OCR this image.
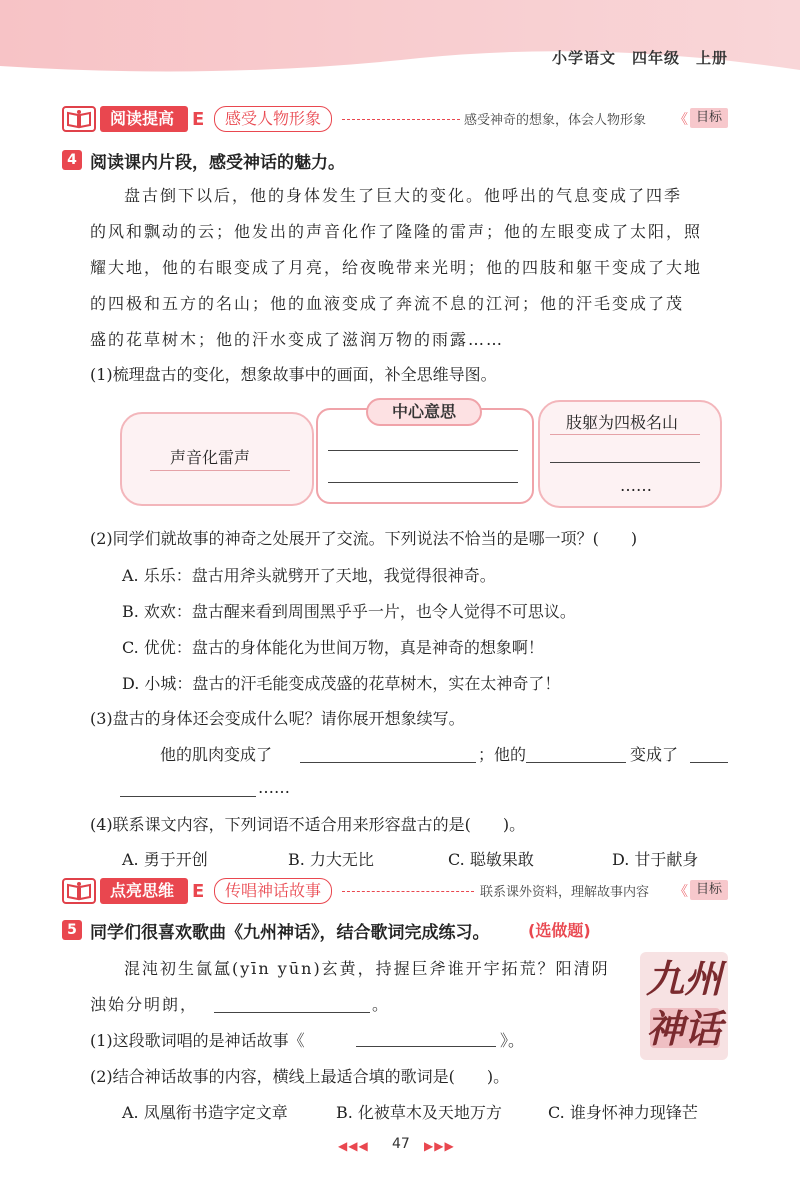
小学语文　四年级　上册
阅读提高 Ε	感受人物形象	感受神奇的想象，体会人物形象 《 目标
4 阅读课内片段，感受神话的魅力。
盘古倒下以后，他的身体发生了巨大的变化。他呼出的气息变成了四季
的风和飘动的云；他发出的声音化作了隆隆的雷声；他的左眼变成了太阳，照
耀大地，他的右眼变成了月亮，给夜晚带来光明；他的四肢和躯干变成了大地
的四极和五方的名山；他的血液变成了奔流不息的江河；他的汗毛变成了茂
盛的花草树木；他的汗水变成了滋润万物的雨露……
(1)梳理盘古的变化，想象故事中的画面，补全思维导图。
中心意思
声音化雷声
肢躯为四极名山
……
(2)同学们就故事的神奇之处展开了交流。下列说法不恰当的是哪一项？(　　)
A. 乐乐：盘古用斧头就劈开了天地，我觉得很神奇。
B. 欢欢：盘古醒来看到周围黑乎乎一片，也令人觉得不可思议。
C. 优优：盘古的身体能化为世间万物，真是神奇的想象啊！
D. 小城：盘古的汗毛能变成茂盛的花草树木，实在太神奇了！
(3)盘古的身体还会变成什么呢？请你展开想象续写。
他的肌肉变成了	；他的	变成了
……
(4)联系课文内容，下列词语不适合用来形容盘古的是(　　)。
A. 勇于开创	B. 力大无比	C. 聪敏果敢	D. 甘于献身
点亮思维 Ε	传唱神话故事	联系课外资料，理解故事内容 《 目标
5 同学们很喜欢歌曲《九州神话》，结合歌词完成练习。 (选做题)
混沌初生氤氲(yīn yūn)玄黄，持握巨斧谁开宇拓荒？阳清阴
浊始分明朗，	。
(1)这段歌词唱的是神话故事《	》。
(2)结合神话故事的内容，横线上最适合填的歌词是(　　)。
A. 凤凰衔书造字定文章	B. 化被草木及天地万方	C. 谁身怀神力现锋芒
九州神话
◀◀◀ 47 ▶▶▶
